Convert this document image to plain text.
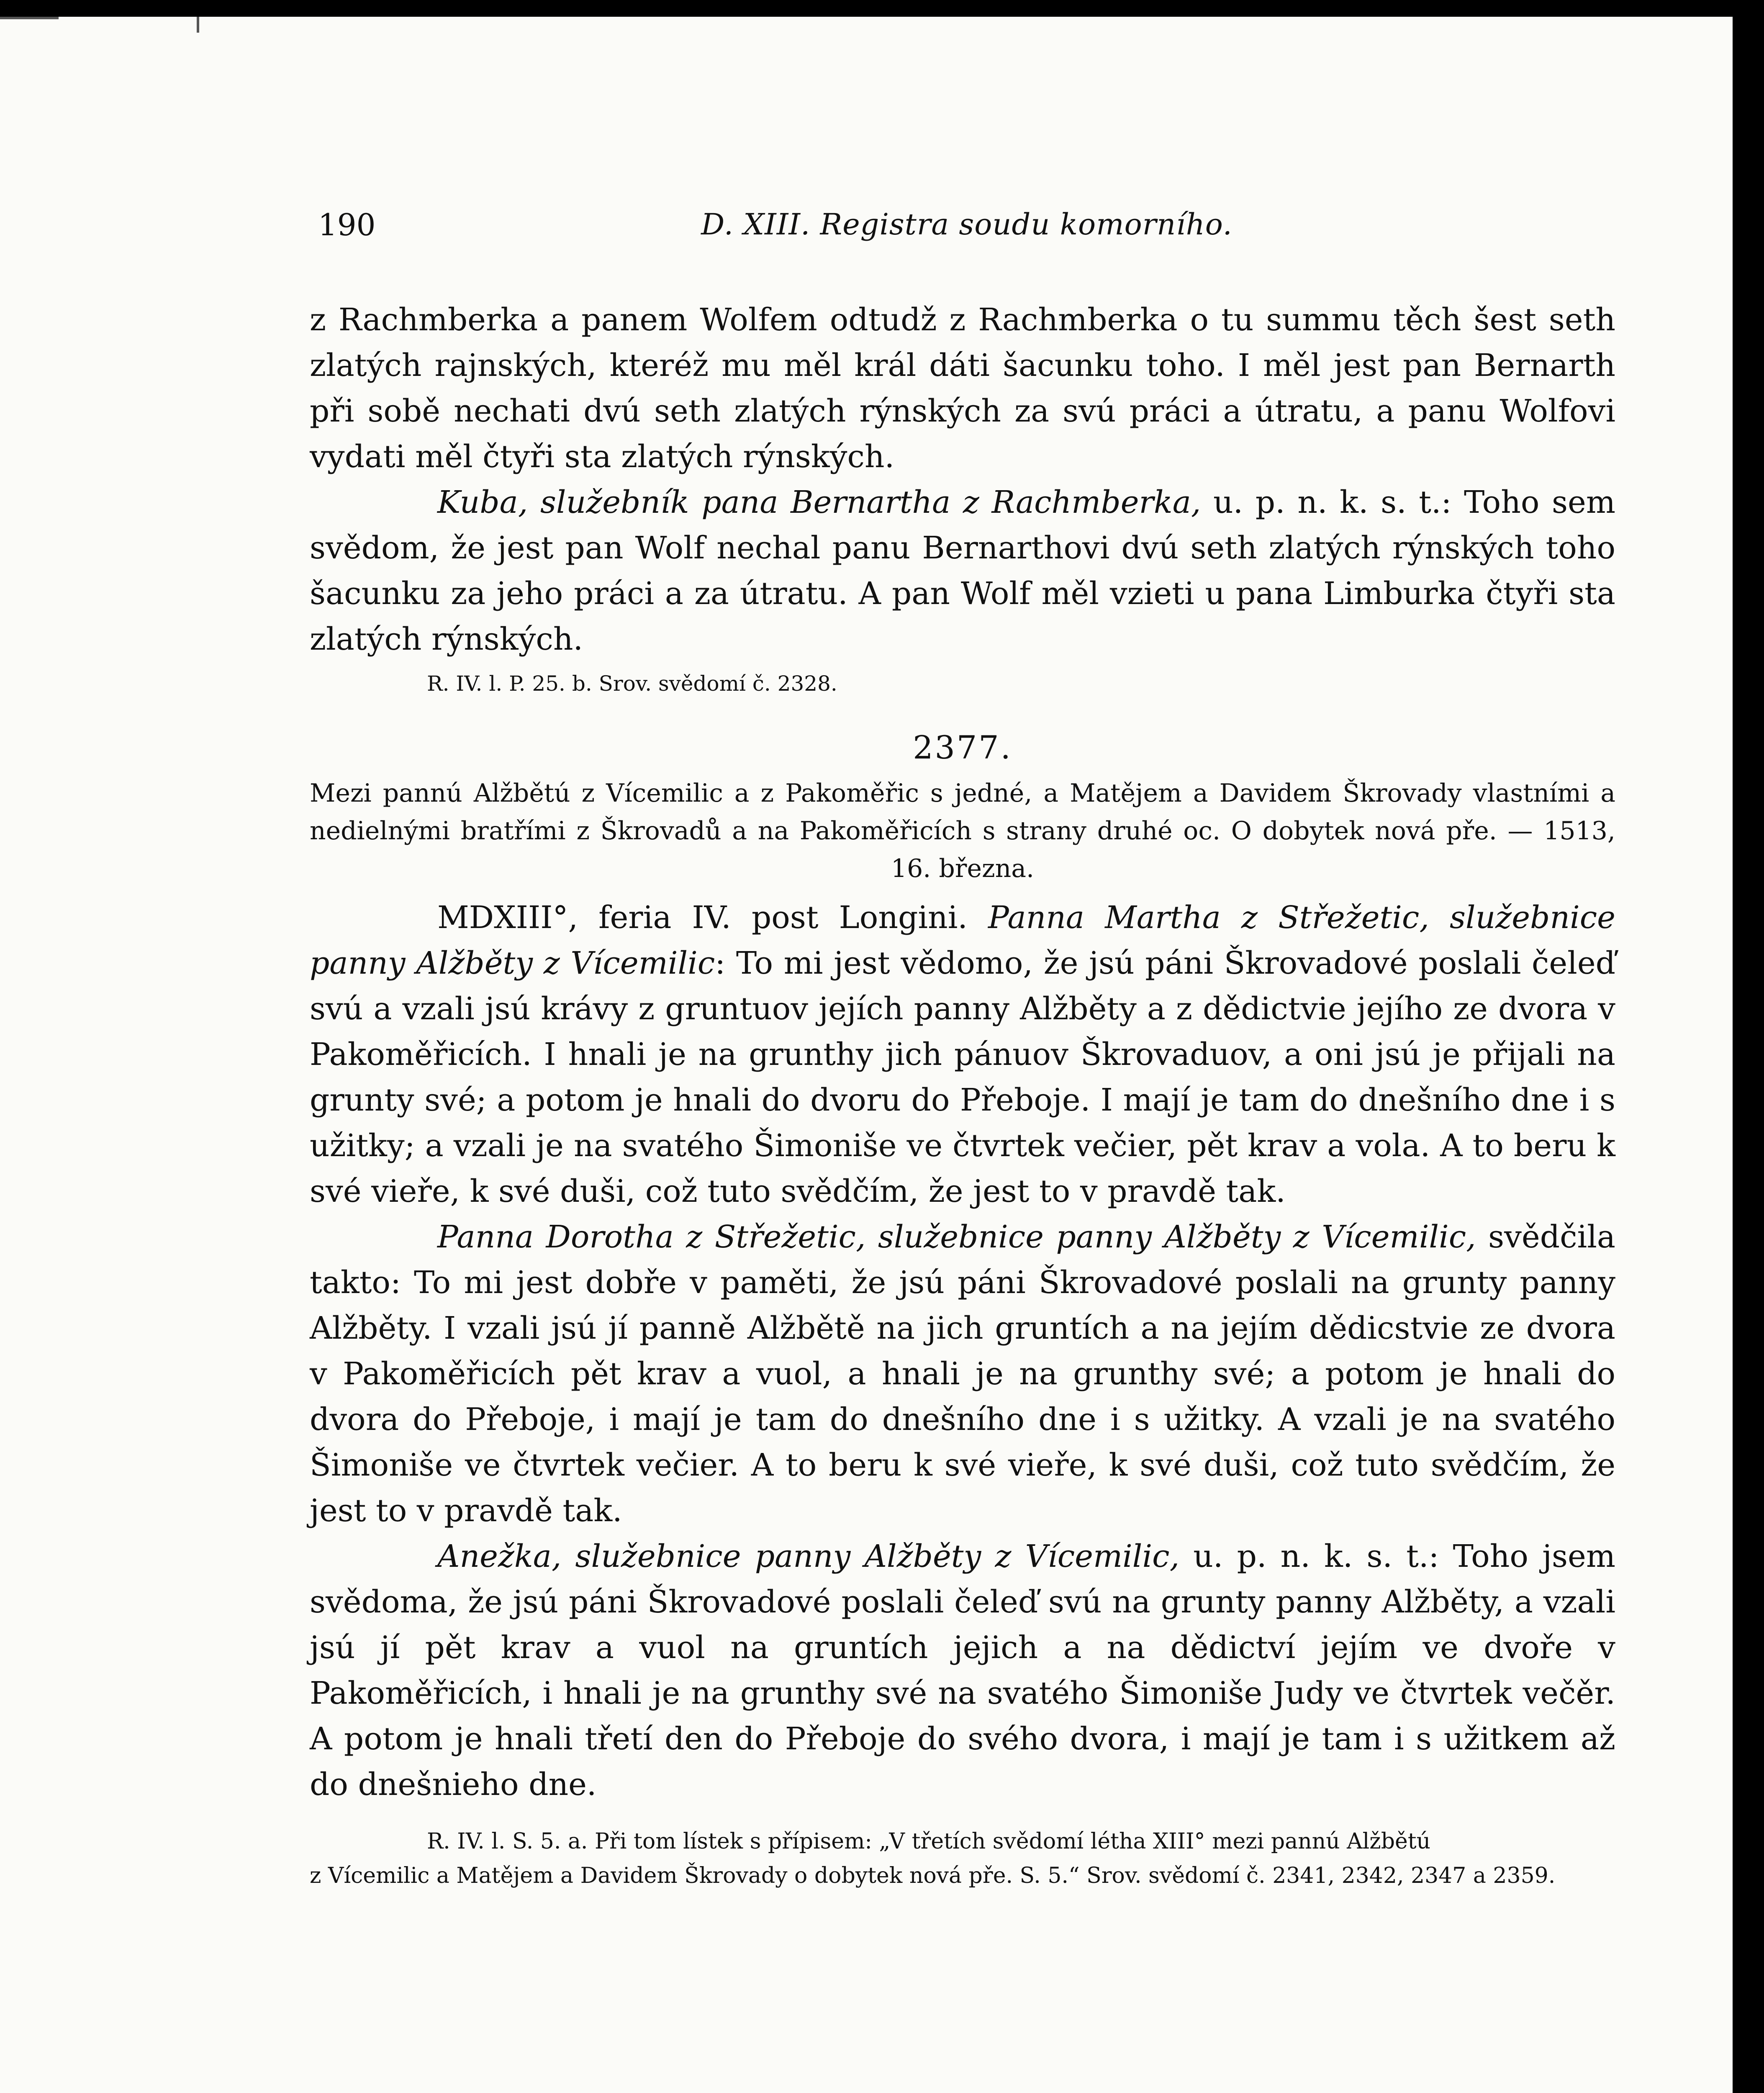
190	D. XIII. Registra soudu komorního.

z Rachmberka a panem Wolfem odtudž z Rachmberka o tu summu těch šest seth zlatých rajnských, kteréž mu měl král dáti šacunku toho. I měl jest pan Bernarth při sobě nechati dvú seth zlatých rýnských za svú práci a útratu, a panu Wolfovi vydati měl čtyři sta zlatých rýnských.

Kuba, služebník pana Bernartha z Rachmberka, u. p. n. k. s. t.: Toho sem svědom, že jest pan Wolf nechal panu Bernarthovi dvú seth zlatých rýnských toho šacunku za jeho práci a za útratu. A pan Wolf měl vzieti u pana Limburka čtyři sta zlatých rýnských.

R. IV. l. P. 25. b. Srov. svědomí č. 2328.
2377.

Mezi pannú Alžbětú z Vícemilic a z Pakoměřic s jedné, a Matějem a Davidem Škrovady vlastními a nedielnými bratřími z Škrovadů a na Pakoměřicích s strany druhé oc. O dobytek nová pře. — 1513, 16. března.

MDXIII°, feria IV. post Longini. Panna Martha z Střežetic, služebnice panny Alžběty z Vícemilic: To mi jest vědomo, že jsú páni Škrovadové poslali čeleď svú a vzali jsú krávy z gruntuov jejích panny Alžběty a z dědictvie jejího ze dvora v Pakoměřicích. I hnali je na grunthy jich pánuov Škrovaduov, a oni jsú je přijali na grunty své; a potom je hnali do dvoru do Přeboje. I mají je tam do dnešního dne i s užitky; a vzali je na svatého Šimoniše ve čtvrtek večier, pět krav a vola. A to beru k své vieře, k své duši, což tuto svědčím, že jest to v pravdě tak.

Panna Dorotha z Střežetic, služebnice panny Alžběty z Vícemilic, svědčila takto: To mi jest dobře v paměti, že jsú páni Škrovadové poslali na grunty panny Alžběty. I vzali jsú jí panně Alžbětě na jich gruntích a na jejím dědicstvie ze dvora v Pakoměřicích pět krav a vuol, a hnali je na grunthy své; a potom je hnali do dvora do Přeboje, i mají je tam do dnešního dne i s užitky. A vzali je na svatého Šimoniše ve čtvrtek večier. A to beru k své vieře, k své duši, což tuto svědčím, že jest to v pravdě tak.

Anežka, služebnice panny Alžběty z Vícemilic, u. p. n. k. s. t.: Toho jsem svědoma, že jsú páni Škrovadové poslali čeleď svú na grunty panny Alžběty, a vzali jsú jí pět krav a vuol na gruntích jejich a na dědictví jejím ve dvoře v Pakoměřicích, i hnali je na grunthy své na svatého Šimoniše Judy ve čtvrtek večěr. A potom je hnali třetí den do Přeboje do svého dvora, i mají je tam i s užitkem až do dnešnieho dne.

R. IV. l. S. 5. a. Při tom lístek s přípisem: „V třetích svědomí létha XIII° mezi pannú Alžbětú
z Vícemilic a Matějem a Davidem Škrovady o dobytek nová pře. S. 5.“ Srov. svědomí č. 2341, 2342, 2347 a 2359.
